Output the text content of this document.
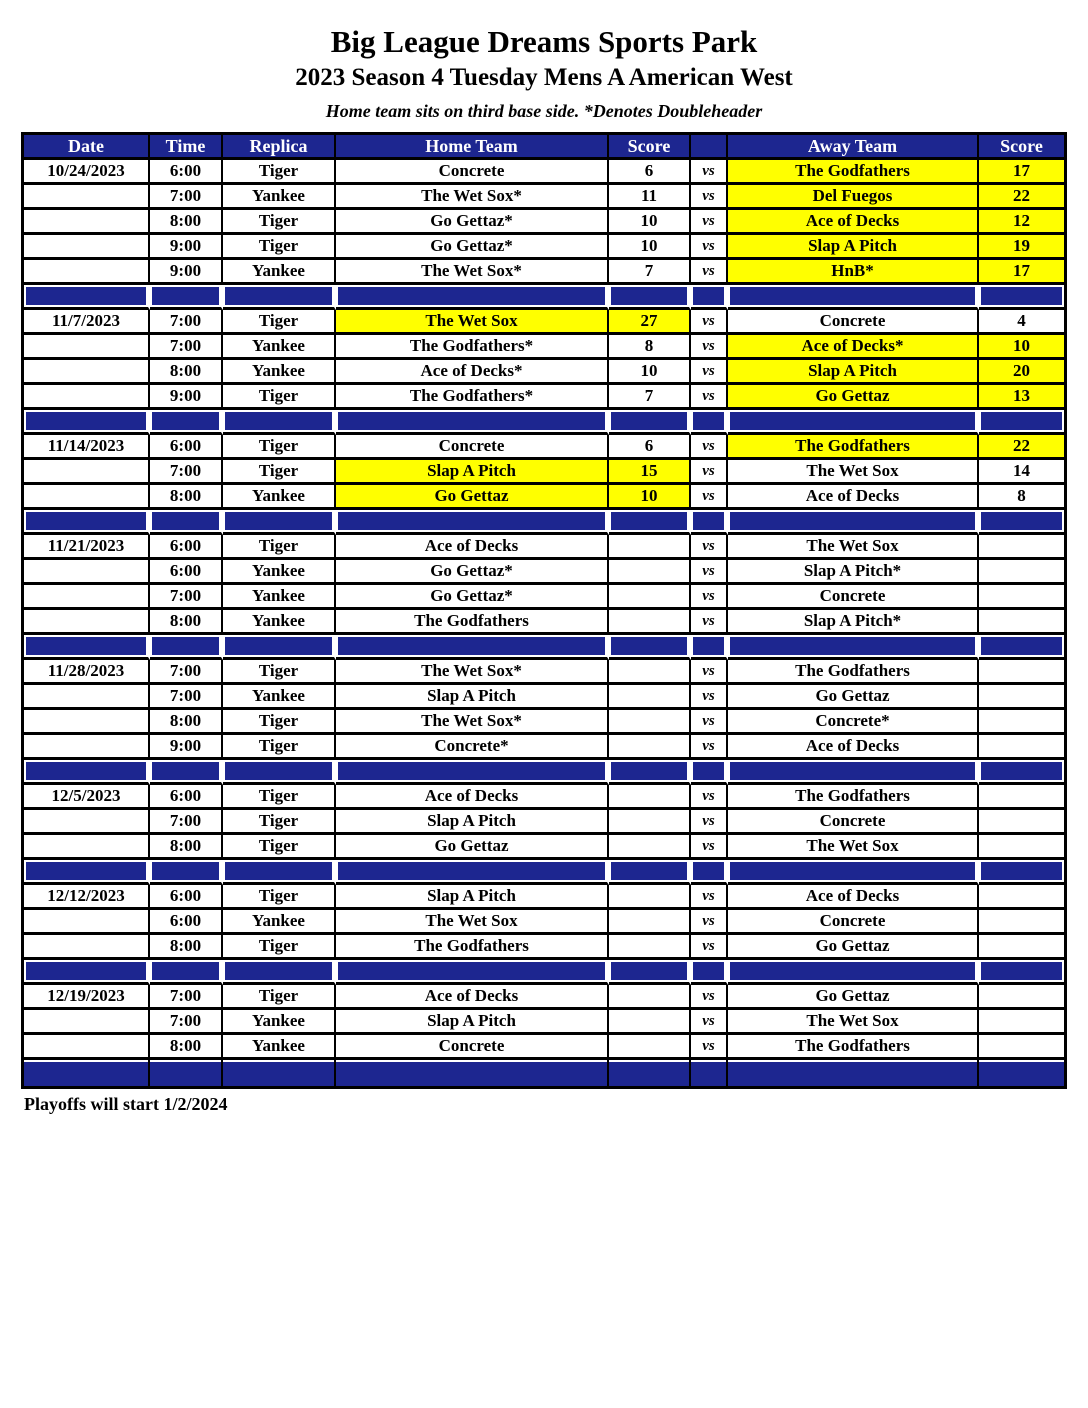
Big League Dreams Sports Park
2023 Season 4 Tuesday Mens A American West
Home team sits on third base side. *Denotes Doubleheader
Date	Time	Replica	Home Team	Score	Away Team	Score
10/24/2023	6:00	Tiger	Concrete	6	vs	The Godfathers	17
7:00	Yankee	The Wet Sox*	11	vs	Del Fuegos	22
8:00	Tiger	Go Gettaz*	10	vs	Ace of Decks	12
9:00	Tiger	Go Gettaz*	10	vs	Slap A Pitch	19
9:00	Yankee	The Wet Sox*	7	vs	HnB*	17
11/7/2023	7:00	Tiger	The Wet Sox	27	vs	Concrete	4
7:00	Yankee	The Godfathers*	8	vs	Ace of Decks*	10
8:00	Yankee	Ace of Decks*	10	vs	Slap A Pitch	20
9:00	Tiger	The Godfathers*	7	vs	Go Gettaz	13
11/14/2023	6:00	Tiger	Concrete	6	vs	The Godfathers	22
7:00	Tiger	Slap A Pitch	15	vs	The Wet Sox	14
8:00	Yankee	Go Gettaz	10	vs	Ace of Decks	8
11/21/2023	6:00	Tiger	Ace of Decks	vs	The Wet Sox
6:00	Yankee	Go Gettaz*	vs	Slap A Pitch*
7:00	Yankee	Go Gettaz*	vs	Concrete
8:00	Yankee	The Godfathers	vs	Slap A Pitch*
11/28/2023	7:00	Tiger	The Wet Sox*	vs	The Godfathers
7:00	Yankee	Slap A Pitch	vs	Go Gettaz
8:00	Tiger	The Wet Sox*	vs	Concrete*
9:00	Tiger	Concrete*	vs	Ace of Decks
12/5/2023	6:00	Tiger	Ace of Decks	vs	The Godfathers
7:00	Tiger	Slap A Pitch	vs	Concrete
8:00	Tiger	Go Gettaz	vs	The Wet Sox
12/12/2023	6:00	Tiger	Slap A Pitch	vs	Ace of Decks
6:00	Yankee	The Wet Sox	vs	Concrete
8:00	Tiger	The Godfathers	vs	Go Gettaz
12/19/2023	7:00	Tiger	Ace of Decks	vs	Go Gettaz
7:00	Yankee	Slap A Pitch	vs	The Wet Sox
8:00	Yankee	Concrete	vs	The Godfathers
Playoffs will start 1/2/2024
